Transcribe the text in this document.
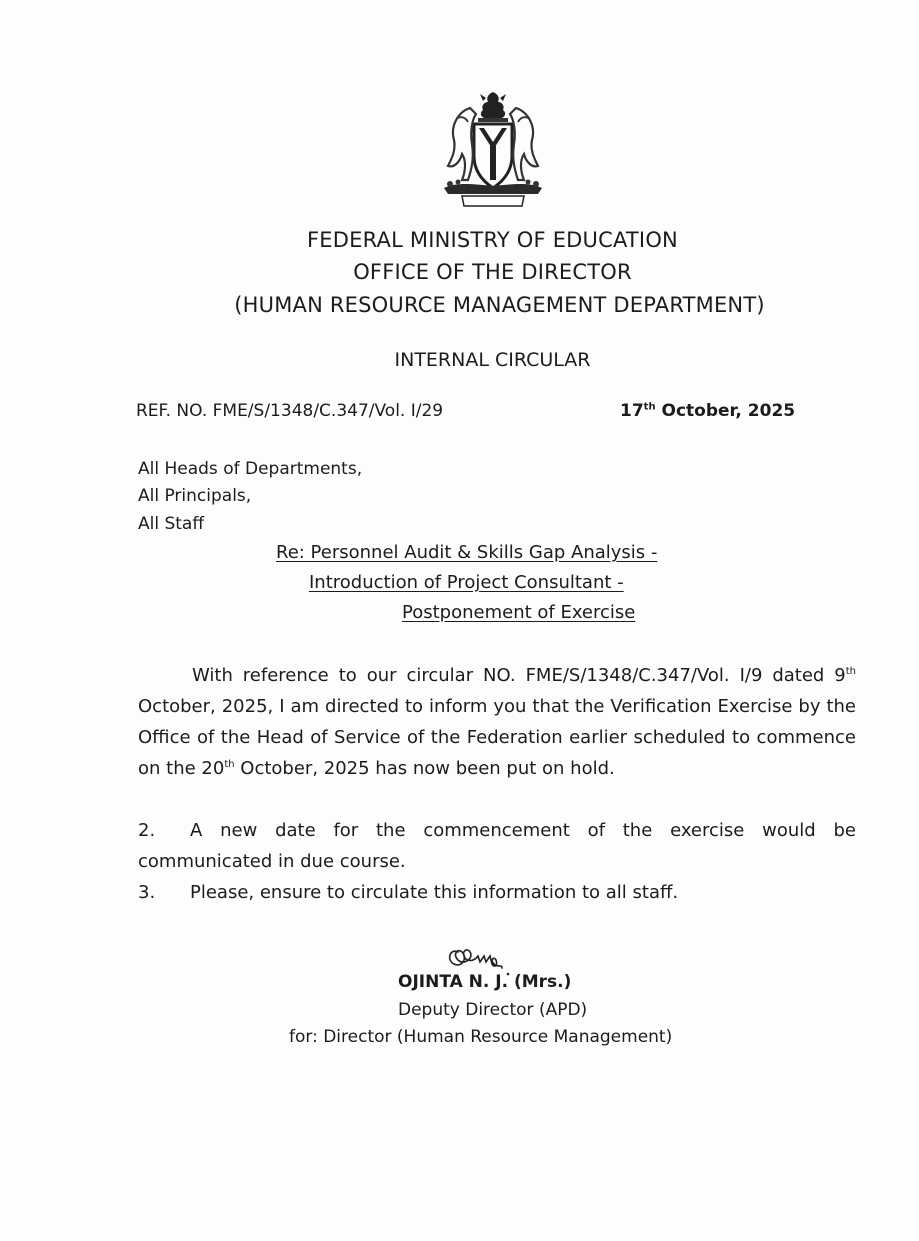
FEDERAL MINISTRY OF EDUCATION
OFFICE OF THE DIRECTOR
(HUMAN RESOURCE MANAGEMENT DEPARTMENT)
INTERNAL CIRCULAR
REF. NO. FME/S/1348/C.347/Vol. I/29	17th October, 2025
All Heads of Departments,
All Principals,
All Staff
Re: Personnel Audit & Skills Gap Analysis -
Introduction of Project Consultant -
Postponement of Exercise
With reference to our circular NO. FME/S/1348/C.347/Vol. I/9 dated 9th October, 2025, I am directed to inform you that the Verification Exercise by the Office of the Head of Service of the Federation earlier scheduled to commence on the 20th October, 2025 has now been put on hold.
2. A new date for the commencement of the exercise would be communicated in due course.
3. Please, ensure to circulate this information to all staff.
OJINTA N. J. (Mrs.)
Deputy Director (APD)
for: Director (Human Resource Management)
